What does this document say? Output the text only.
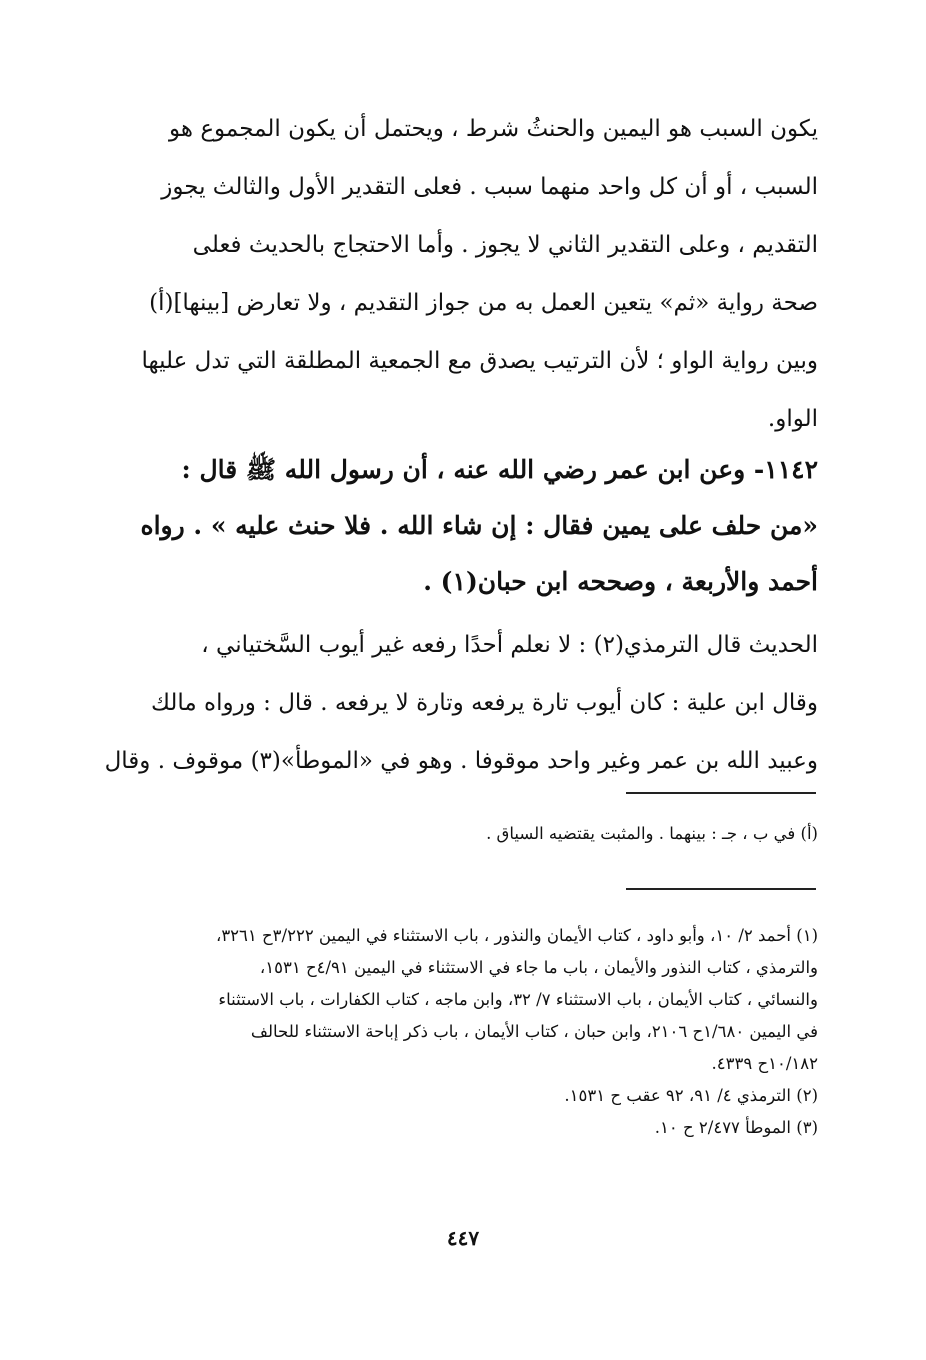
يكون السبب هو اليمين والحنثُ شرط ، ويحتمل أن يكون المجموع هو
السبب ، أو أن كل واحد منهما سبب . فعلى التقدير الأول والثالث يجوز
التقديم ، وعلى التقدير الثاني لا يجوز . وأما الاحتجاج بالحديث فعلى
صحة رواية «ثم» يتعين العمل به من جواز التقديم ، ولا تعارض [بينها](أ)
وبين رواية الواو ؛ لأن الترتيب يصدق مع الجمعية المطلقة التي تدل عليها
الواو.
١١٤٢- وعن ابن عمر رضي الله عنه ، أن رسول الله ﷺ قال :
«من حلف على يمين فقال : إن شاء الله . فلا حنث عليه » . رواه
أحمد والأربعة ، وصححه ابن حبان(١) .
الحديث قال الترمذي(٢) : لا نعلم أحدًا رفعه غير أيوب السَّختياني ،
وقال ابن علية : كان أيوب تارة يرفعه وتارة لا يرفعه . قال : ورواه مالك
وعبيد الله بن عمر وغير واحد موقوفا . وهو في «الموطأ»(٣) موقوف . وقال
(أ) في ب ، جـ : بينهما . والمثبت يقتضيه السياق .
(١) أحمد ٢/ ١٠، وأبو داود ، كتاب الأيمان والنذور ، باب الاستثناء في اليمين ٣/٢٢٢ح ٣٢٦١،
والترمذي ، كتاب النذور والأيمان ، باب ما جاء في الاستثناء في اليمين ٤/٩١ح ١٥٣١،
والنسائي ، كتاب الأيمان ، باب الاستثناء ٧/ ٣٢، وابن ماجه ، كتاب الكفارات ، باب الاستثناء
في اليمين ١/٦٨٠ح ٢١٠٦، وابن حبان ، كتاب الأيمان ، باب ذكر إباحة الاستثناء للحالف
١٠/١٨٢ح ٤٣٣٩.
(٢) الترمذي ٤/ ٩١، ٩٢ عقب ح ١٥٣١.
(٣) الموطأ ٢/٤٧٧ ح ١٠.
٤٤٧
